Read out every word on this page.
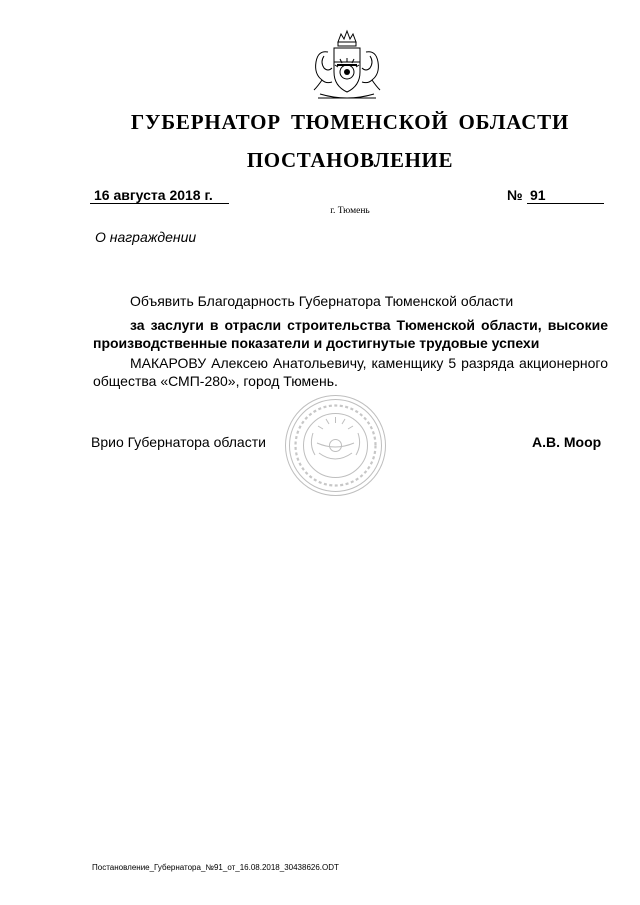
ГУБЕРНАТОР ТЮМЕНСКОЙ ОБЛАСТИ
ПОСТАНОВЛЕНИЕ
16 августа 2018 г.	№ 91
г. Тюмень
О награждении
Объявить Благодарность Губернатора Тюменской области
за заслуги в отрасли строительства Тюменской области, высокие производственные показатели и достигнутые трудовые успехи
МАКАРОВУ Алексею Анатольевичу, каменщику 5 разряда акционерного общества «СМП-280», город Тюмень.
Врио Губернатора области	А.В. Моор
Постановление_Губернатора_№91_от_16.08.2018_30438626.ODT
